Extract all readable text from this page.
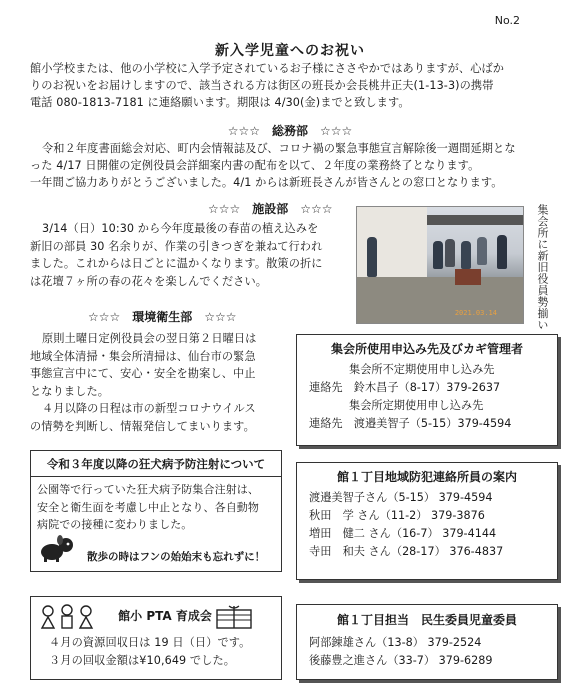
No.2
新入学児童へのお祝い

館小学校または、他の小学校に入学予定されているお子様にささやかではありますが、心ばか

りのお祝いをお届けしますので、該当される方は街区の班長か会長桃井正夫(1-13-3)の携帯

電話 080-1813-7181 に連絡願います。期限は 4/30(金)までと致します。

☆☆☆　総務部　☆☆☆

令和２年度書面総会対応、町内会情報誌及び、コロナ禍の緊急事態宣言解除後一週間延期とな

った 4/17 日開催の定例役員会詳細案内書の配布を以て、２年度の業務終了となります。

一年間ご協力ありがとうございました。4/1 からは新班長さんが皆さんとの窓口となります。

☆☆☆　施設部　☆☆☆

3/14（日）10:30 から今年度最後の春苗の植え込みを

新旧の部員 30 名余りが、作業の引きつぎを兼ねて行われ

ました。これからは日ごとに温かくなります。散策の折に

は花壇７ヶ所の春の花々を楽しんでください。

2021.03.14	集会所に新旧役員勢揃い
☆☆☆　環境衛生部　☆☆☆

原則土曜日定例役員会の翌日第２日曜日は

地域全体清掃・集会所清掃は、仙台市の緊急

事態宣言中にて、安心・安全を勘案し、中止

となりました。

４月以降の日程は市の新型コロナウイルス

の情勢を判断し、情報発信してまいります。

集会所使用申込み先及びカギ管理者
集会所不定期使用申し込み先
連絡先　鈴木昌子（8-17）379-2637
集会所定期使用申し込み先
連絡先　渡邉美智子（5-15）379-4594
令和３年度以降の狂犬病予防注射について

公園等で行っていた狂犬病予防集合注射は、

安全と衛生面を考慮し中止となり、各自動物

病院での接種に変わりました。

散歩の時はフンの始始末も忘れずに！
館１丁目地域防犯連絡所員の案内
渡邉美智子さん（5-15） 379-4594
秋田　学 さん（11-2） 379-3876
増田　健二 さん（16-7） 379-4144
寺田　和夫 さん（28-17） 376-4837
館小 PTA 育成会

４月の資源回収日は 19 日（日）です。

３月の回収金額は¥10,649 でした。

館１丁目担当　民生委員児童委員
阿部錬雄さん（13-8） 379-2524
後藤豊之進さん（33-7） 379-6289
